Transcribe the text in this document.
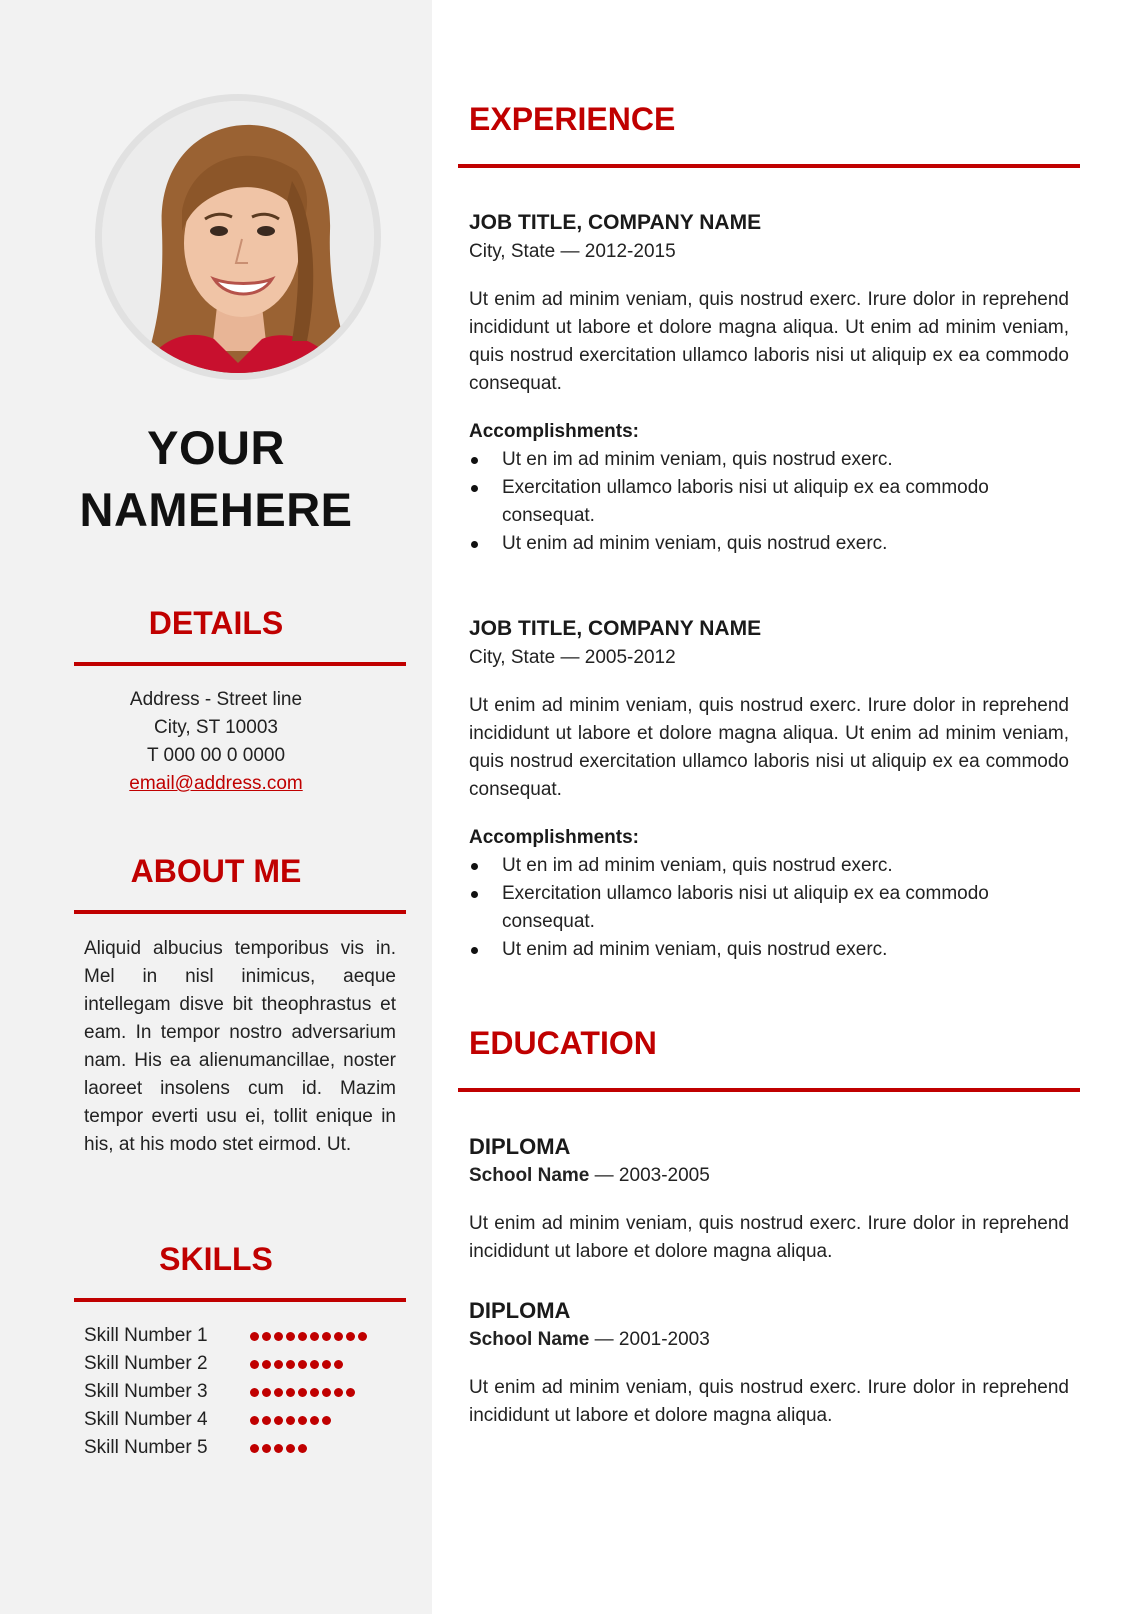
YOUR
NAMEHERE
DETAILS
Address - Street line
City, ST 10003
T 000 00 0 0000
email@address.com
ABOUT ME
Aliquid albucius temporibus vis in. Mel in nisl inimicus, aeque intellegam disve bit theophrastus et eam. In tempor nostro adversarium nam. His ea alienumancillae, noster laoreet insolens cum id. Mazim tempor everti usu ei, tollit enique in his, at his modo stet eirmod. Ut.
SKILLS
Skill Number 1
Skill Number 2
Skill Number 3
Skill Number 4
Skill Number 5
EXPERIENCE
JOB TITLE, COMPANY NAME
City, State — 2012-2015
Ut enim ad minim veniam, quis nostrud exerc. Irure dolor in reprehend incididunt ut labore et dolore magna aliqua. Ut enim ad minim veniam, quis nostrud exercitation ullamco laboris nisi ut aliquip ex ea commodo consequat.
Accomplishments:
Ut en im ad minim veniam, quis nostrud exerc.
Exercitation ullamco laboris nisi ut aliquip ex ea commodo consequat.
Ut enim ad minim veniam, quis nostrud exerc.
JOB TITLE, COMPANY NAME
City, State — 2005-2012
Ut enim ad minim veniam, quis nostrud exerc. Irure dolor in reprehend incididunt ut labore et dolore magna aliqua. Ut enim ad minim veniam, quis nostrud exercitation ullamco laboris nisi ut aliquip ex ea commodo consequat.
Accomplishments:
Ut en im ad minim veniam, quis nostrud exerc.
Exercitation ullamco laboris nisi ut aliquip ex ea commodo consequat.
Ut enim ad minim veniam, quis nostrud exerc.
EDUCATION
DIPLOMA
School Name — 2003-2005
Ut enim ad minim veniam, quis nostrud exerc. Irure dolor in reprehend incididunt ut labore et dolore magna aliqua.
DIPLOMA
School Name — 2001-2003
Ut enim ad minim veniam, quis nostrud exerc. Irure dolor in reprehend incididunt ut labore et dolore magna aliqua.
